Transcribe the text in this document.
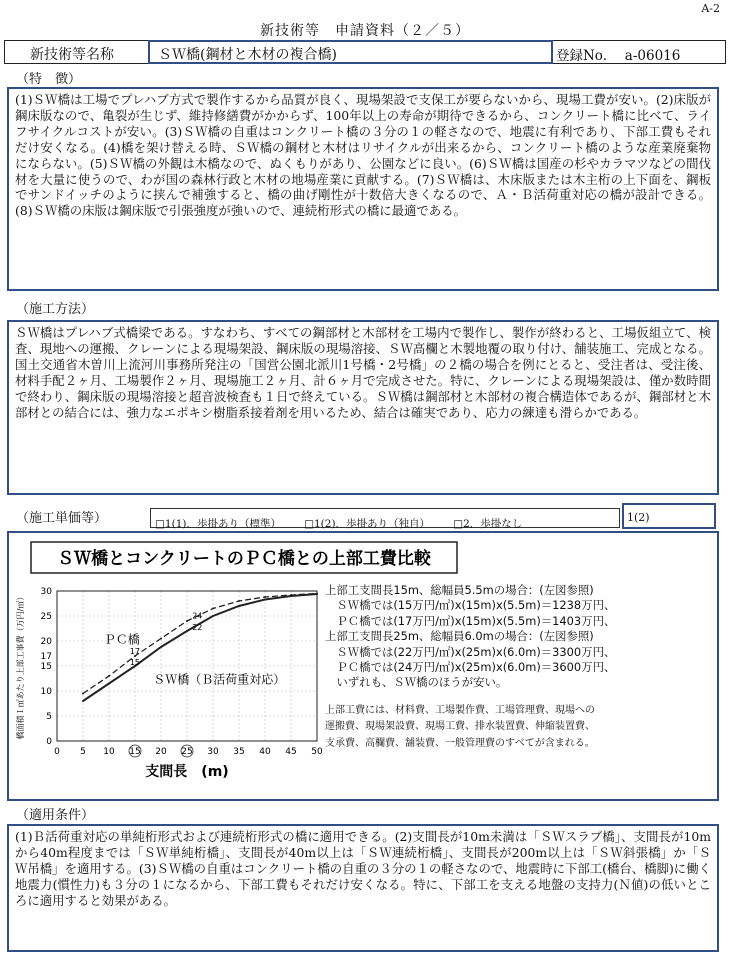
A-2
新技術等　申請資料（２／５）
新技術等名称	ＳＷ橋(鋼材と木材の複合橋)	登録No.　 a-06016
（特　徴）
(1)ＳＷ橋は工場でプレハブ方式で製作するから品質が良く、現場架設で支保工が要らないから、現場工費が安い。(2)床版が鋼床版なので、亀裂が生じず、維持修繕費がかからず、100年以上の寿命が期待できるから、コンクリート橋に比べて、ライフサイクルコストが安い。(3)ＳＷ橋の自重はコンクリート橋の３分の１の軽さなので、地震に有利であり、下部工費もそれだけ安くなる。(4)橋を架け替える時、ＳＷ橋の鋼材と木材はリサイクルが出来るから、コンクリート橋のような産業廃棄物にならない。(5)ＳＷ橋の外観は木橋なので、ぬくもりがあり、公園などに良い。(6)ＳＷ橋は国産の杉やカラマツなどの間伐材を大量に使うので、わが国の森林行政と木材の地場産業に貢献する。(7)ＳＷ橋は、木床版または木主桁の上下面を、鋼板でサンドイッチのように挟んで補強すると、橋の曲げ剛性が十数倍大きくなるので、Ａ・Ｂ活荷重対応の橋が設計できる。(8)ＳＷ橋の床版は鋼床版で引張強度が強いので、連続桁形式の橋に最適である。
（施工方法）
ＳＷ橋はプレハブ式橋梁である。すなわち、すべての鋼部材と木部材を工場内で製作し、製作が終わると、工場仮組立て、検査、現地への運搬、クレーンによる現場架設、鋼床版の現場溶接、ＳＷ高欄と木製地覆の取り付け、舗装施工、完成となる。国土交通省木曽川上流河川事務所発注の「国営公園北派川1号橋・2号橋」の２橋の場合を例にとると、受注者は、受注後、材料手配２ヶ月、工場製作２ヶ月、現場施工２ヶ月、計６ヶ月で完成させた。特に、クレーンによる現場架設は、僅か数時間で終わり、鋼床版の現場溶接と超音波検査も１日で終えている。ＳＷ橋は鋼部材と木部材の複合構造体であるが、鋼部材と木部材との結合には、強力なエポキシ樹脂系接着剤を用いるため、結合は確実であり、応力の練達も滑らかである。
（施工単価等）	□1(1)．歩掛あり（標準） □1(2)．歩掛あり（独自） □2．歩掛なし	1(2)
ＳＷ橋とコンクリートのＰＣ橋との上部工費比較
0 5 10 15 20 25 30 35 40 45 50
0
5
10
15
17
20
25
30
ＰＣ橋
ＳＷ橋（Ｂ活荷重対応）
24
22
17
15
支間長　(m)
橋面積１㎡あたり上部工事費（万円/㎡）
上部工支間長15m、総幅員5.5mの場合：(左図参照)
　ＳＷ橋では(15万円/㎡)x(15m)x(5.5m)＝1238万円、
　ＰＣ橋では(17万円/㎡)x(15m)x(5.5m)＝1403万円、
上部工支間長25m、総幅員6.0mの場合：(左図参照)
　ＳＷ橋では(22万円/㎡)x(25m)x(6.0m)＝3300万円、
　ＰＣ橋では(24万円/㎡)x(25m)x(6.0m)＝3600万円、
　いずれも、ＳＷ橋のほうが安い。
上部工費には、材料費、工場製作費、工場管理費、現場への
運搬費、現場架設費、現場工費、排水装置費、伸縮装置費、
支承費、高欄費、舗装費、一般管理費のすべてが含まれる。
（適用条件）
(1)Ｂ活荷重対応の単純桁形式および連続桁形式の橋に適用できる。(2)支間長が10m未満は「ＳＷスラブ橋」、支間長が10mから40m程度までは「ＳＷ単純桁橋」、支間長が40m以上は「ＳＷ連続桁橋」、支間長が200m以上は「ＳＷ斜張橋」か「ＳＷ吊橋」を適用する。(3)ＳＷ橋の自重はコンクリート橋の自重の３分の１の軽さなので、地震時に下部工(橋台、橋脚)に働く地震力(慣性力)も３分の１になるから、下部工費もそれだけ安くなる。特に、下部工を支える地盤の支持力(Ｎ値)の低いところに適用すると効果がある。
